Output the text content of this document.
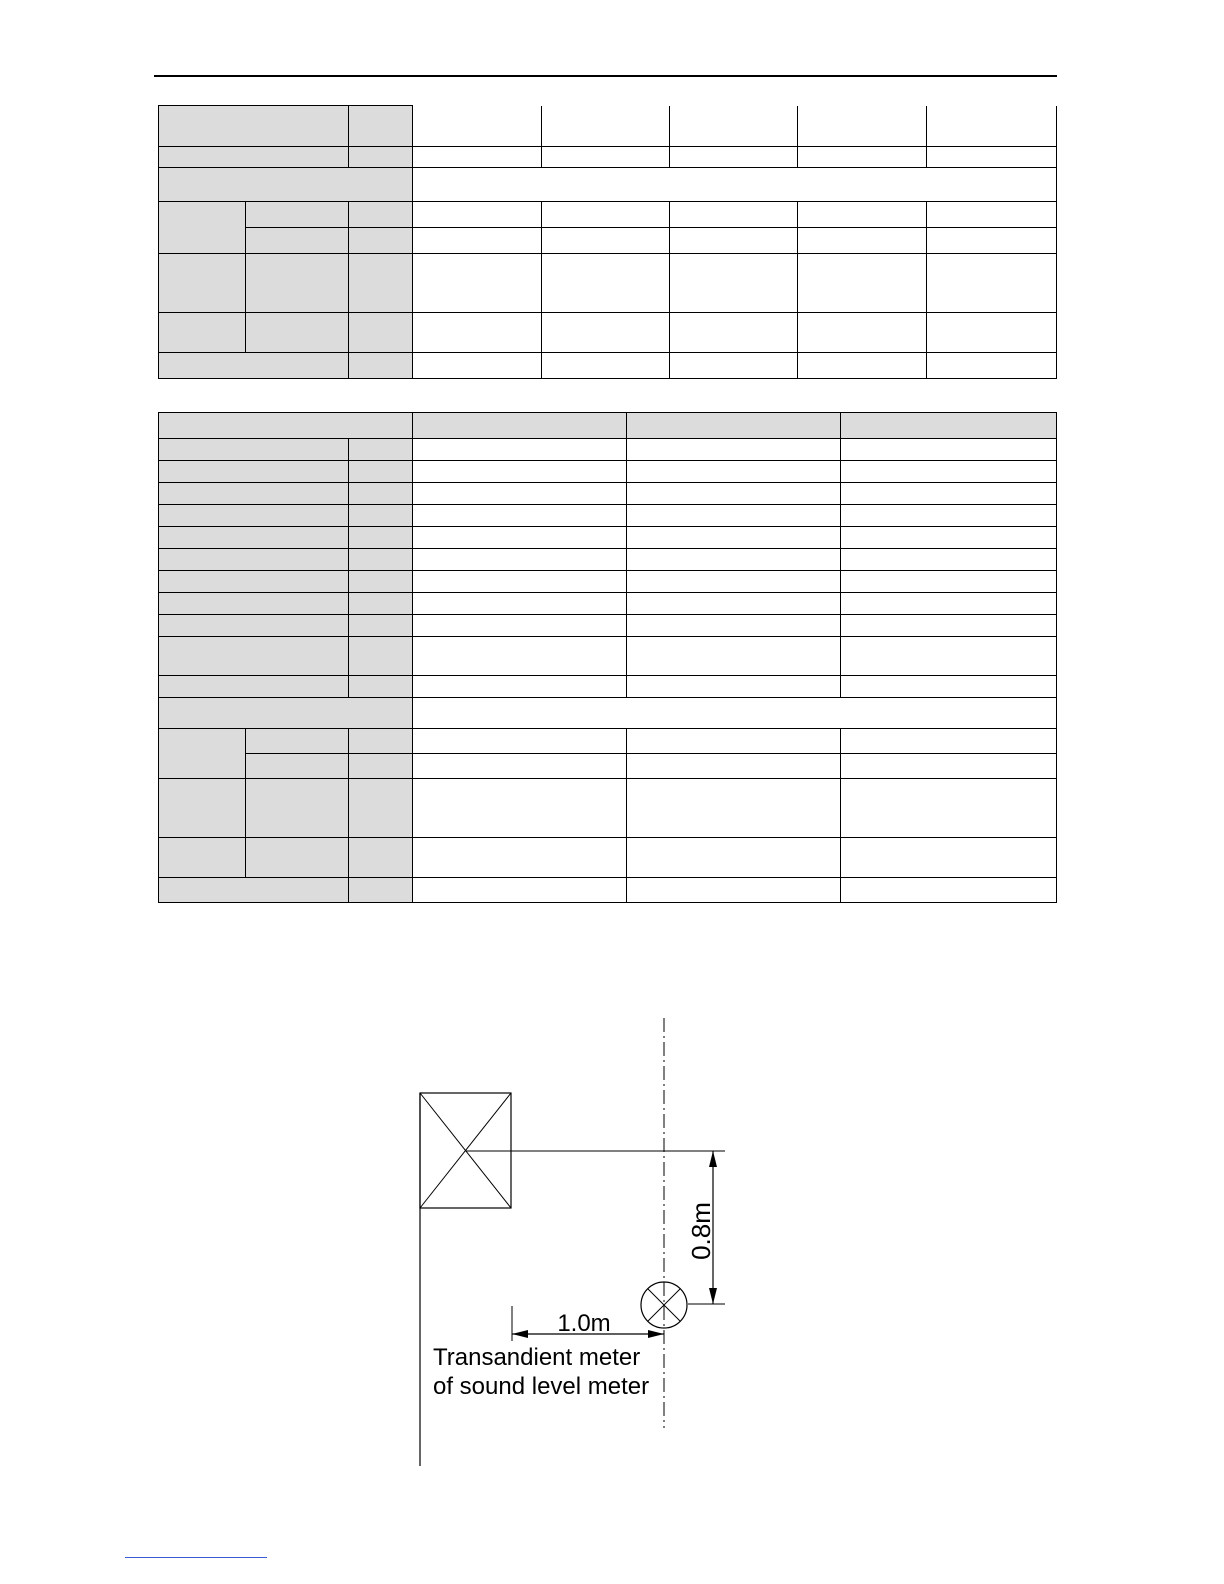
0.8m
1.0m
Transandient meter
of sound level meter
